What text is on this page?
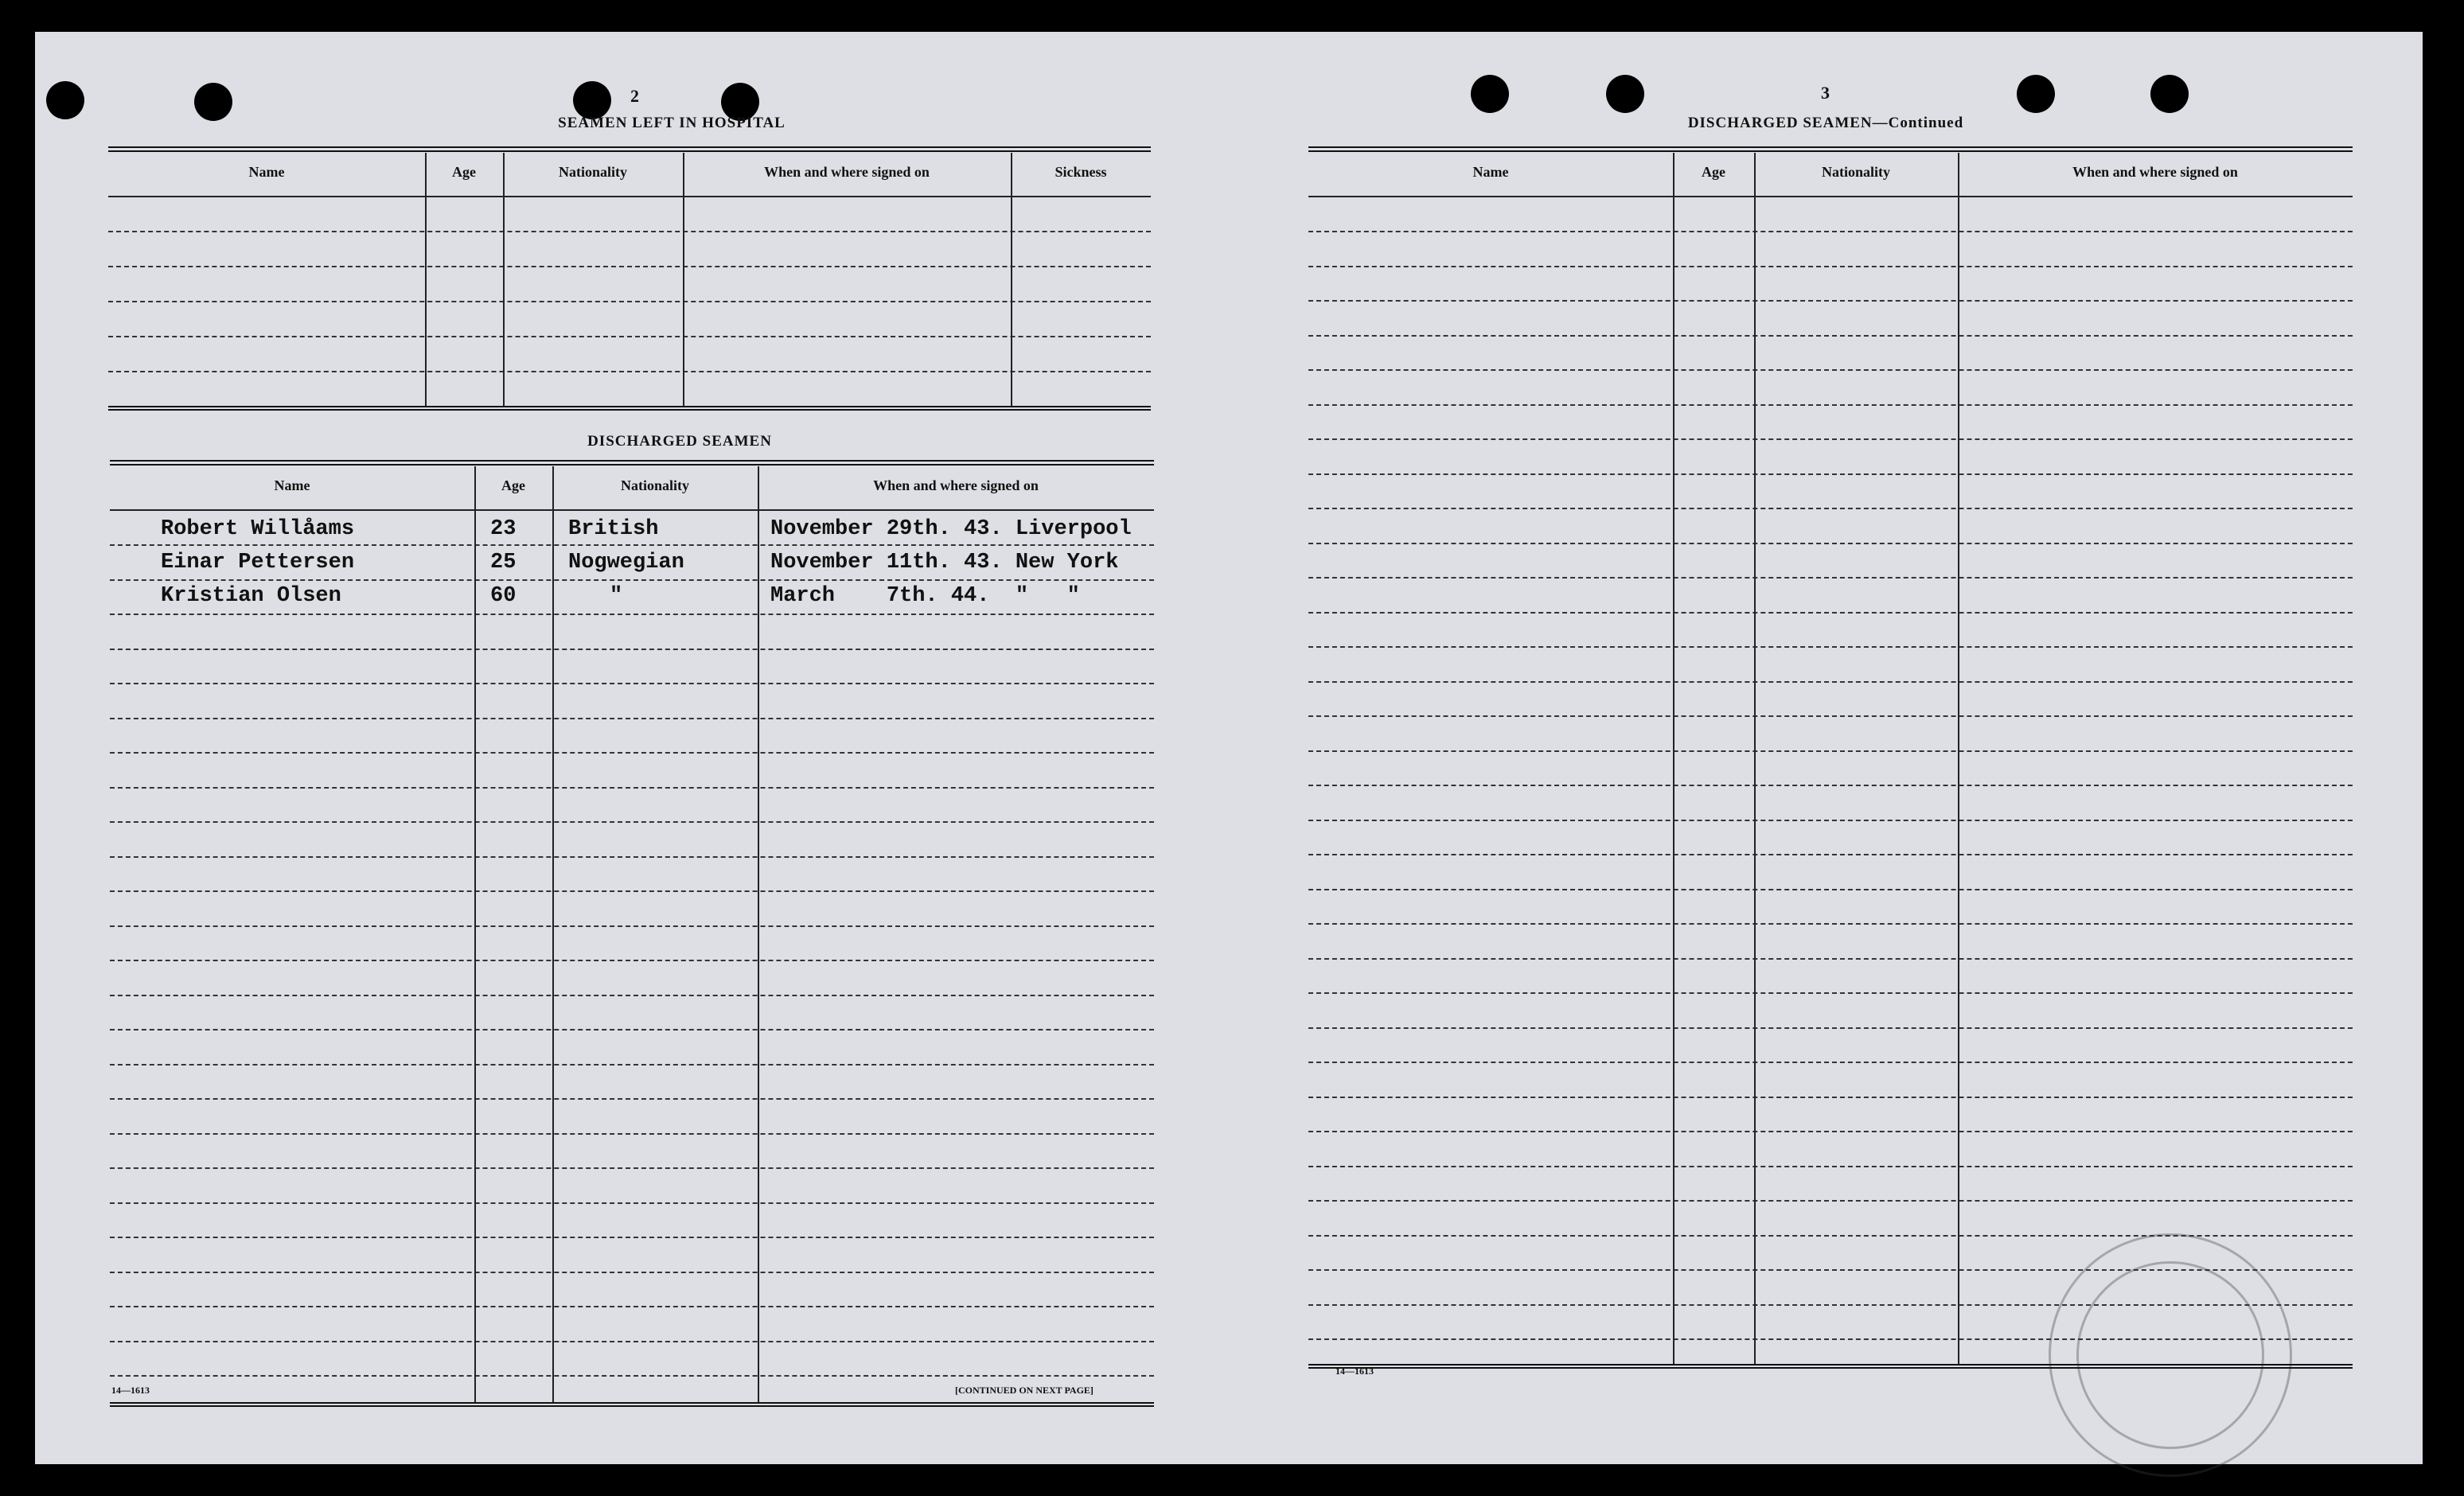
2
SEAMEN LEFT IN HOSPITAL
Name	Age	Nationality	When and where signed on	Sickness
DISCHARGED SEAMEN
Name	Age	Nationality	When and where signed on
Robert Willåams	23 British	November 29th. 43. Liverpool
Einar Pettersen	25 Nogwegian	November 11th. 43. New York
Kristian Olsen	60	"	March    7th. 44.  "   "
14—1613	[CONTINUED ON NEXT PAGE]
3
DISCHARGED SEAMEN—Continued
Name	Age	Nationality	When and where signed on
14—1613
